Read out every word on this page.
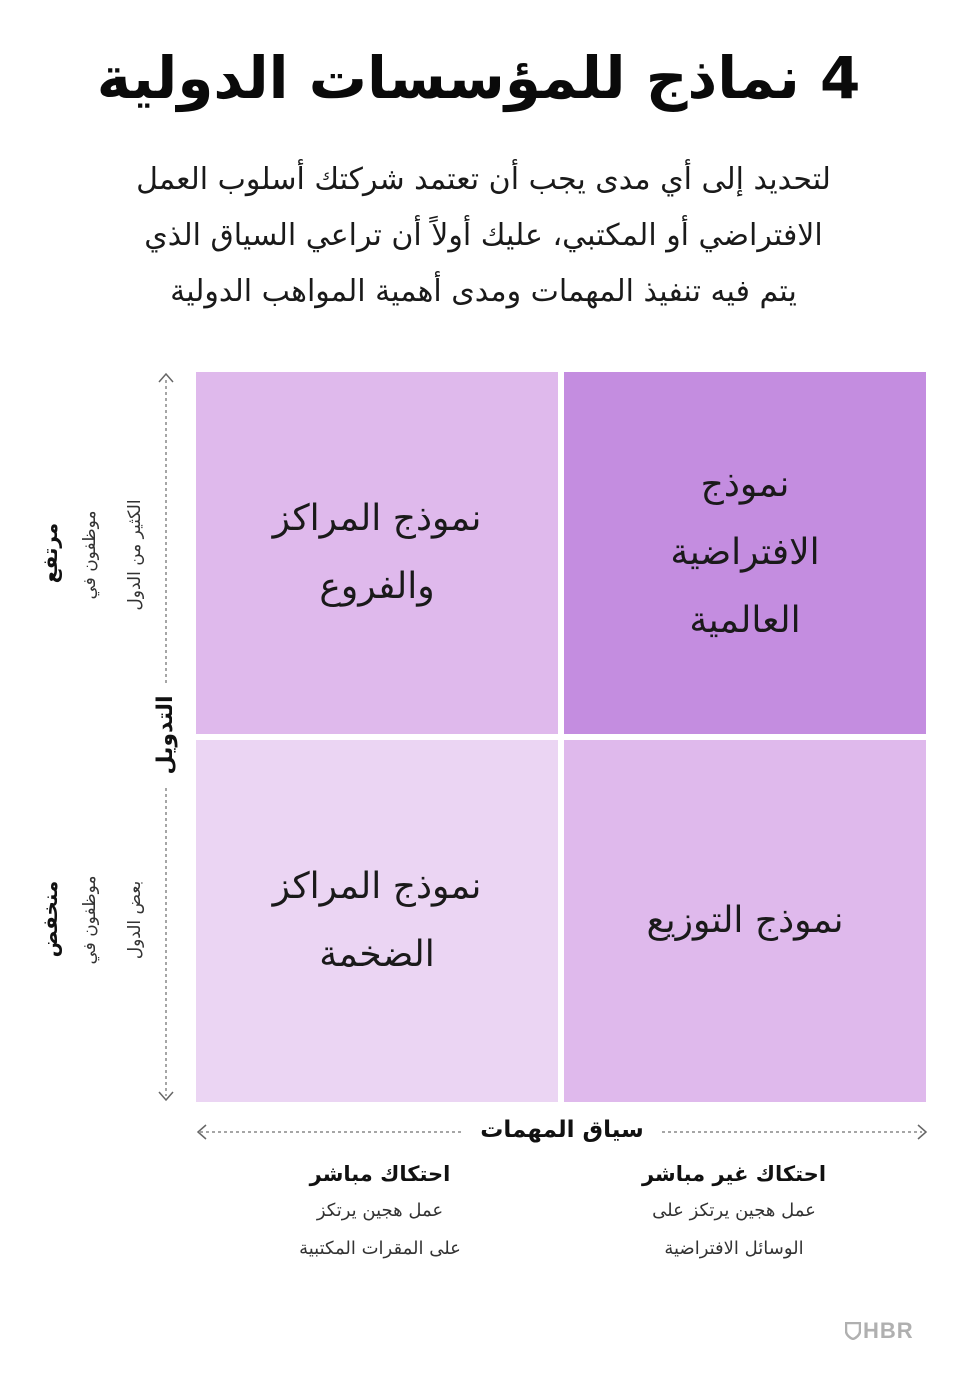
4 نماذج للمؤسسات الدولية
لتحديد إلى أي مدى يجب أن تعتمد شركتك أسلوب العمل
الافتراضي أو المكتبي، عليك أولاً أن تراعي السياق الذي
يتم فيه تنفيذ المهمات ومدى أهمية المواهب الدولية
نموذج المراكز
والفروع
نموذج
الافتراضية
العالمية
نموذج المراكز
الضخمة
نموذج التوزيع
التدويل
مرتفع موظفون في الكثير من الدول
منخفض موظفون في بعض الدول
سياق المهمات
احتكاك مباشر
عمل هجين يرتكز
على المقرات المكتبية
احتكاك غير مباشر
عمل هجين يرتكز على
الوسائل الافتراضية
HBR
